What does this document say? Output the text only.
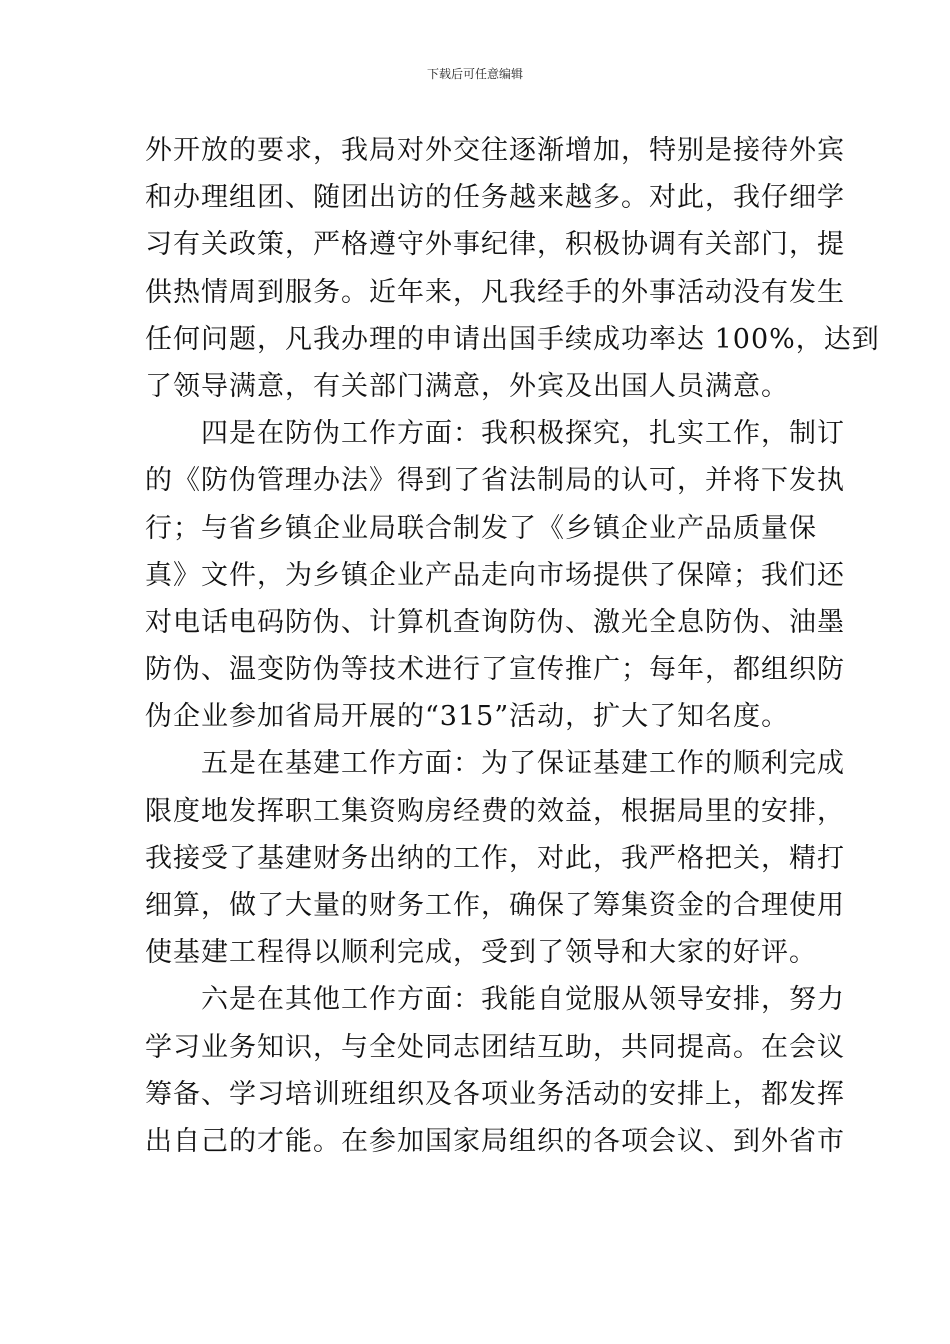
下载后可任意编辑

外开放的要求，我局对外交往逐渐增加，特别是接待外宾
和办理组团、随团出访的任务越来越多。对此，我仔细学
习有关政策，严格遵守外事纪律，积极协调有关部门，提
供热情周到服务。近年来，凡我经手的外事活动没有发生
任何问题，凡我办理的申请出国手续成功率达 100%，达到
了领导满意，有关部门满意，外宾及出国人员满意。

四是在防伪工作方面：我积极探究，扎实工作，制订
的《防伪管理办法》得到了省法制局的认可，并将下发执
行；与省乡镇企业局联合制发了《乡镇企业产品质量保
真》文件，为乡镇企业产品走向市场提供了保障；我们还
对电话电码防伪、计算机查询防伪、激光全息防伪、油墨
防伪、温变防伪等技术进行了宣传推广；每年，都组织防
伪企业参加省局开展的“315”活动，扩大了知名度。

五是在基建工作方面：为了保证基建工作的顺利完成
限度地发挥职工集资购房经费的效益，根据局里的安排，
我接受了基建财务出纳的工作，对此，我严格把关，精打
细算，做了大量的财务工作，确保了筹集资金的合理使用
使基建工程得以顺利完成，受到了领导和大家的好评。

六是在其他工作方面：我能自觉服从领导安排，努力
学习业务知识，与全处同志团结互助，共同提高。在会议
筹备、学习培训班组织及各项业务活动的安排上，都发挥
出自己的才能。在参加国家局组织的各项会议、到外省市
